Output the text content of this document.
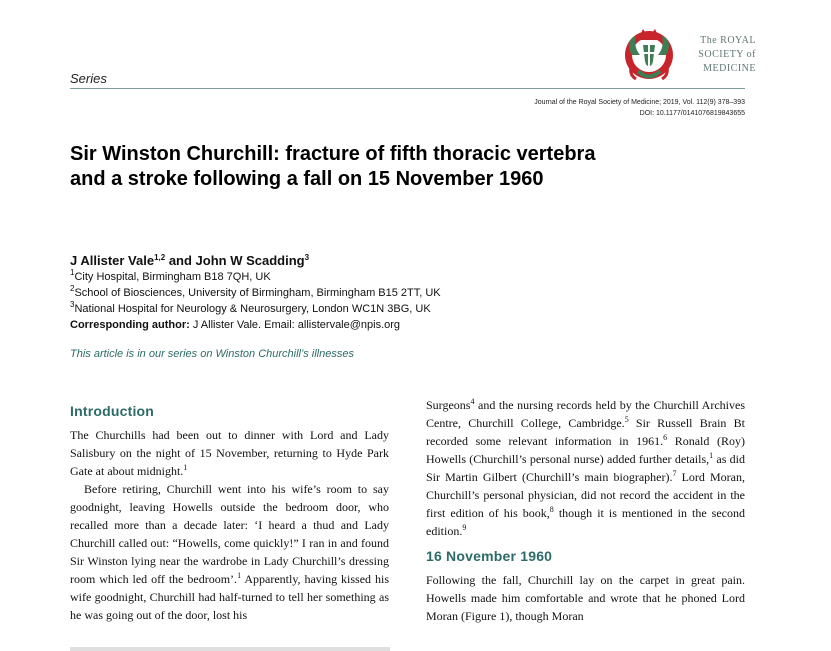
Series
The ROYAL
SOCIETY of
MEDICINE
Journal of the Royal Society of Medicine; 2019, Vol. 112(9) 378–393
DOI: 10.1177/0141076819843655
Sir Winston Churchill: fracture of fifth thoracic vertebra and a stroke following a fall on 15 November 1960
J Allister Vale$^{1,2}$ and John W Scadding$^3$
$^1$City Hospital, Birmingham B18 7QH, UK
$^2$School of Biosciences, University of Birmingham, Birmingham B15 2TT, UK
$^3$National Hospital for Neurology & Neurosurgery, London WC1N 3BG, UK
Corresponding author: J Allister Vale. Email: allistervale@npis.org
This article is in our series on Winston Churchill’s illnesses
Introduction

The Churchills had been out to dinner with Lord and Lady Salisbury on the night of 15 November, returning to Hyde Park Gate at about midnight.$^1$

Before retiring, Churchill went into his wife’s room to say goodnight, leaving Howells outside the bedroom door, who recalled more than a decade later: ‘I heard a thud and Lady Churchill called out: “Howells, come quickly!” I ran in and found Sir Winston lying near the wardrobe in Lady Churchill’s dressing room which led off the bedroom’.$^1$ Apparently, having kissed his wife goodnight, Churchill had half-turned to tell her something as he was going out of the door, lost his

Surgeons$^4$ and the nursing records held by the Churchill Archives Centre, Churchill College, Cambridge.$^5$ Sir Russell Brain Bt recorded some relevant information in 1961.$^6$ Ronald (Roy) Howells (Churchill’s personal nurse) added further details,$^1$ as did Sir Martin Gilbert (Churchill’s main biographer).$^7$ Lord Moran, Churchill’s personal physician, did not record the accident in the first edition of his book,$^8$ though it is mentioned in the second edition.$^9$

16 November 1960

Following the fall, Churchill lay on the carpet in great pain. Howells made him comfortable and wrote that he phoned Lord Moran (Figure 1), though Moran
